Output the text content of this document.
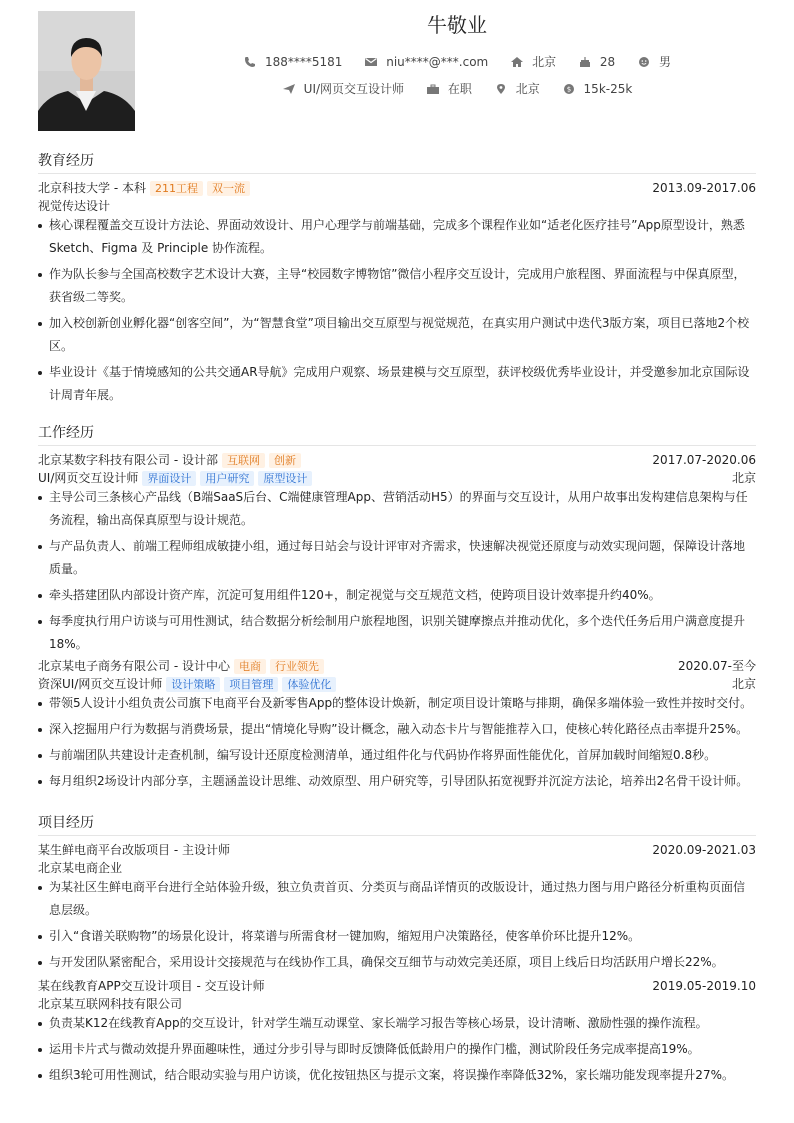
牛敬业
188****5181
	niu****@***.com
	北京
	28
	男
UI/网页交互设计师
	在职
	北京
	$ 15k-25k
教育经历
北京科技大学 - 本科 211工程 双一流	2013.09-2017.06
视觉传达设计
核心课程覆盖交互设计方法论、界面动效设计、用户心理学与前端基础，完成多个课程作业如“适老化医疗挂号”App原型设计，熟悉Sketch、Figma 及 Principle 协作流程。
作为队长参与全国高校数字艺术设计大赛，主导“校园数字博物馆”微信小程序交互设计，完成用户旅程图、界面流程与中保真原型，获省级二等奖。
加入校创新创业孵化器“创客空间”，为“智慧食堂”项目输出交互原型与视觉规范，在真实用户测试中迭代3版方案，项目已落地2个校区。
毕业设计《基于情境感知的公共交通AR导航》完成用户观察、场景建模与交互原型，获评校级优秀毕业设计，并受邀参加北京国际设计周青年展。
工作经历
北京某数字科技有限公司 - 设计部 互联网 创新	2017.07-2020.06
UI/网页交互设计师 界面设计 用户研究 原型设计	北京
主导公司三条核心产品线（B端SaaS后台、C端健康管理App、营销活动H5）的界面与交互设计，从用户故事出发构建信息架构与任务流程，输出高保真原型与设计规范。
与产品负责人、前端工程师组成敏捷小组，通过每日站会与设计评审对齐需求，快速解决视觉还原度与动效实现问题，保障设计落地质量。
牵头搭建团队内部设计资产库，沉淀可复用组件120+，制定视觉与交互规范文档，使跨项目设计效率提升约40%。
每季度执行用户访谈与可用性测试，结合数据分析绘制用户旅程地图，识别关键摩擦点并推动优化，多个迭代任务后用户满意度提升18%。
北京某电子商务有限公司 - 设计中心 电商 行业领先	2020.07-至今
资深UI/网页交互设计师 设计策略 项目管理 体验优化	北京
带领5人设计小组负责公司旗下电商平台及新零售App的整体设计焕新，制定项目设计策略与排期，确保多端体验一致性并按时交付。
深入挖掘用户行为数据与消费场景，提出“情境化导购”设计概念，融入动态卡片与智能推荐入口，使核心转化路径点击率提升25%。
与前端团队共建设计走查机制，编写设计还原度检测清单，通过组件化与代码协作将界面性能优化，首屏加载时间缩短0.8秒。
每月组织2场设计内部分享，主题涵盖设计思维、动效原型、用户研究等，引导团队拓宽视野并沉淀方法论，培养出2名骨干设计师。
项目经历
某生鲜电商平台改版项目 - 主设计师	2020.09-2021.03
北京某电商企业
为某社区生鲜电商平台进行全站体验升级，独立负责首页、分类页与商品详情页的改版设计，通过热力图与用户路径分析重构页面信息层级。
引入“食谱关联购物”的场景化设计，将菜谱与所需食材一键加购，缩短用户决策路径，使客单价环比提升12%。
与开发团队紧密配合，采用设计交接规范与在线协作工具，确保交互细节与动效完美还原，项目上线后日均活跃用户增长22%。
某在线教育APP交互设计项目 - 交互设计师	2019.05-2019.10
北京某互联网科技有限公司
负责某K12在线教育App的交互设计，针对学生端互动课堂、家长端学习报告等核心场景，设计清晰、激励性强的操作流程。
运用卡片式与微动效提升界面趣味性，通过分步引导与即时反馈降低低龄用户的操作门槛，测试阶段任务完成率提高19%。
组织3轮可用性测试，结合眼动实验与用户访谈，优化按钮热区与提示文案，将误操作率降低32%，家长端功能发现率提升27%。
